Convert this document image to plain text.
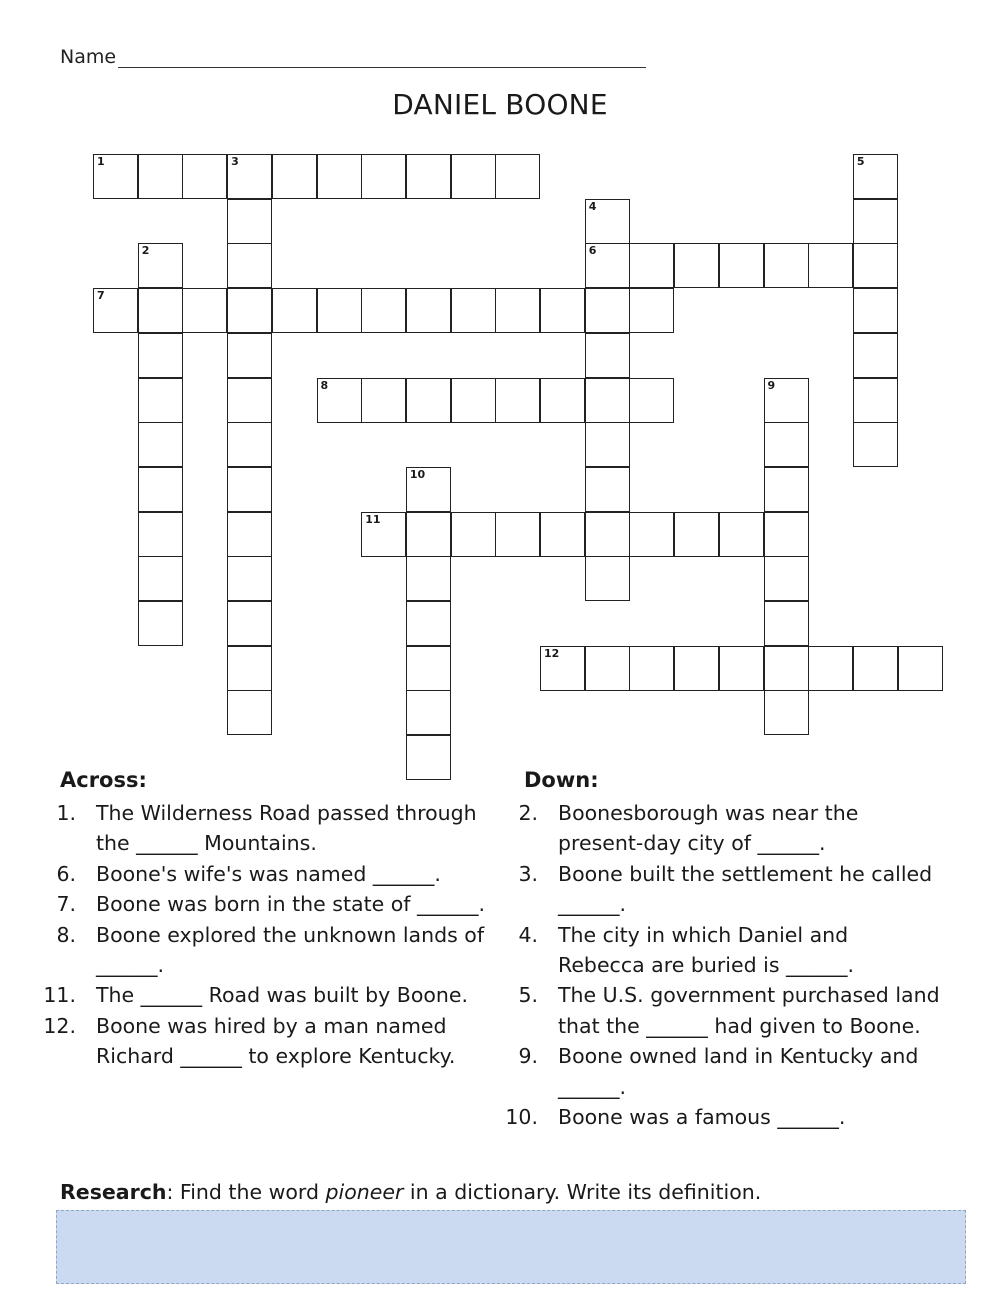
Name
DANIEL BOONE
1	3
6
7
8
11
12
2
4
5
9
10
Across:
1. The Wilderness Road passed through the ______ Mountains.
6. Boone's wife's was named ______.
7. Boone was born in the state of ______.
8. Boone explored the unknown lands of ______.
11. The ______ Road was built by Boone.
12. Boone was hired by a man named Richard ______ to explore Kentucky.
Down:
2. Boonesborough was near the present-day city of ______.
3. Boone built the settlement he called ______.
4. The city in which Daniel and Rebecca are buried is ______.
5. The U.S. government purchased land that the ______ had given to Boone.
9. Boone owned land in Kentucky and ______.
10. Boone was a famous ______.
Research: Find the word pioneer in a dictionary. Write its definition.
